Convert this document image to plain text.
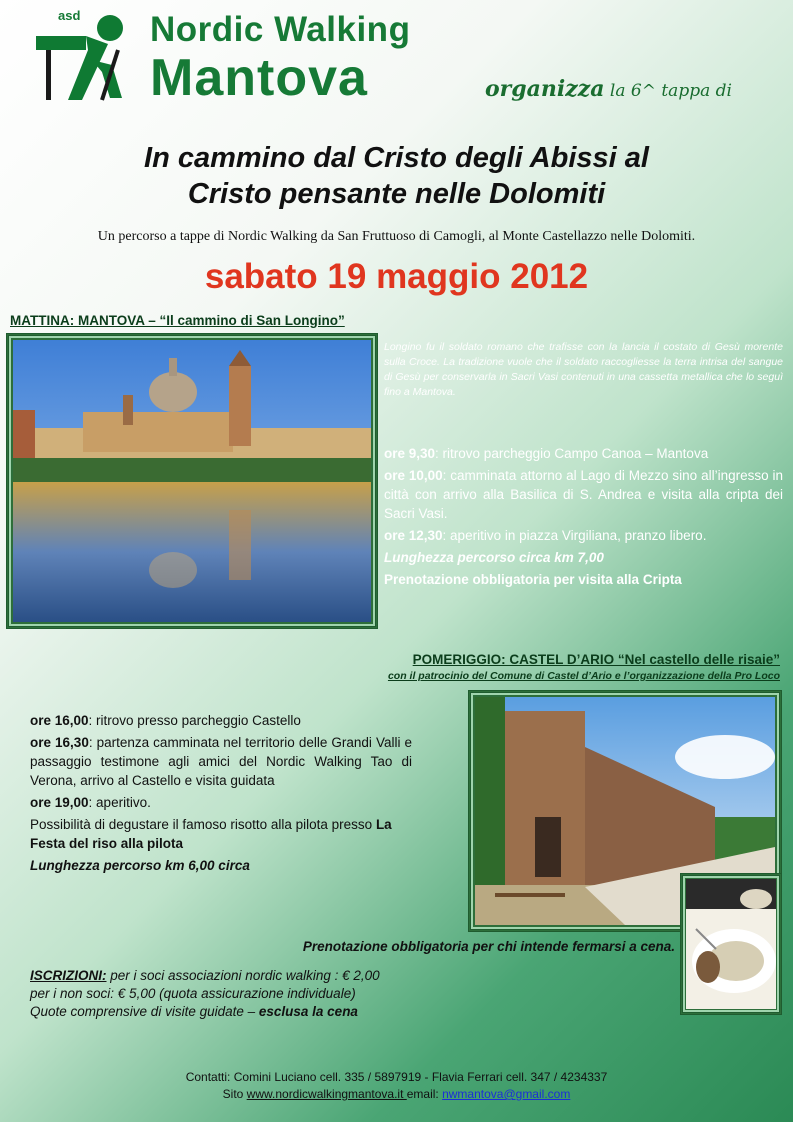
asd Nordic Walking
Mantova	organizza la 6^ tappa di
In cammino dal Cristo degli Abissi al
Cristo pensante nelle Dolomiti
Un percorso a tappe di Nordic Walking da San Fruttuoso di Camogli, al Monte Castellazzo nelle Dolomiti.
sabato 19 maggio 2012
MATTINA: MANTOVA – “Il cammino di San Longino”
Longino fu il soldato romano che trafisse con la lancia il costato di Gesù morente sulla Croce. La tradizione vuole che il soldato raccogliesse la terra intrisa del sangue di Gesù per conservarla in Sacri Vasi contenuti in una cassetta metallica che lo seguì fino a Mantova.

ore 9,30: ritrovo parcheggio Campo Canoa – Mantova

ore 10,00: camminata attorno al Lago di Mezzo sino all’ingresso in città con arrivo alla Basilica di S. Andrea e visita alla cripta dei Sacri Vasi.

ore 12,30: aperitivo in piazza Virgiliana, pranzo libero.

Lunghezza percorso circa km 7,00

Prenotazione obbligatoria per visita alla Cripta

POMERIGGIO: CASTEL D’ARIO “Nel castello delle risaie”
con il patrocinio del Comune di Castel d’Ario e l’organizzazione della Pro Loco

ore 16,00: ritrovo presso parcheggio Castello

ore 16,30: partenza camminata nel territorio delle Grandi Valli e passaggio testimone agli amici del Nordic Walking Tao di Verona, arrivo al Castello e visita guidata

ore 19,00: aperitivo.

Possibilità di degustare il famoso risotto alla pilota presso La Festa del riso alla pilota

Lunghezza percorso km 6,00 circa

Prenotazione obbligatoria per chi intende fermarsi a cena.
ISCRIZIONI: per i soci associazioni nordic walking : € 2,00
per i non soci: € 5,00 (quota assicurazione individuale)
Quote comprensive di visite guidate – esclusa la cena
Contatti: Comini Luciano cell. 335 / 5897919 - Flavia Ferrari cell. 347 / 4234337
Sito www.nordicwalkingmantova.it email: nwmantova@gmail.com
